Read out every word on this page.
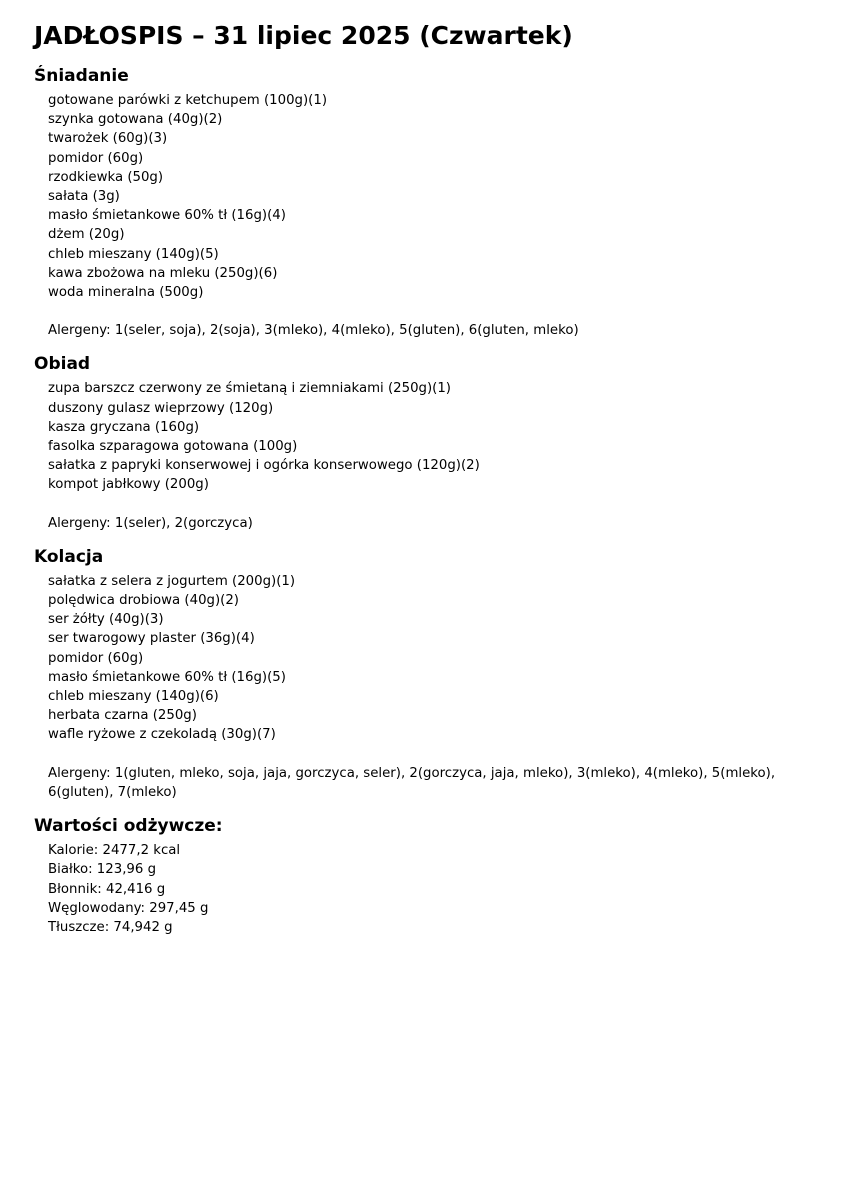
JADŁOSPIS – 31 lipiec 2025 (Czwartek)
Śniadanie
gotowane parówki z ketchupem (100g)(1)
szynka gotowana (40g)(2)
twarożek (60g)(3)
pomidor (60g)
rzodkiewka (50g)
sałata (3g)
masło śmietankowe 60% tł (16g)(4)
dżem (20g)
chleb mieszany (140g)(5)
kawa zbożowa na mleku (250g)(6)
woda mineralna (500g)
Alergeny: 1(seler, soja), 2(soja), 3(mleko), 4(mleko), 5(gluten), 6(gluten, mleko)
Obiad
zupa barszcz czerwony ze śmietaną i ziemniakami (250g)(1)
duszony gulasz wieprzowy (120g)
kasza gryczana (160g)
fasolka szparagowa gotowana (100g)
sałatka z papryki konserwowej i ogórka konserwowego (120g)(2)
kompot jabłkowy (200g)
Alergeny: 1(seler), 2(gorczyca)
Kolacja
sałatka z selera z jogurtem (200g)(1)
polędwica drobiowa (40g)(2)
ser żółty (40g)(3)
ser twarogowy plaster (36g)(4)
pomidor (60g)
masło śmietankowe 60% tł (16g)(5)
chleb mieszany (140g)(6)
herbata czarna (250g)
wafle ryżowe z czekoladą (30g)(7)
Alergeny: 1(gluten, mleko, soja, jaja, gorczyca, seler), 2(gorczyca, jaja, mleko), 3(mleko), 4(mleko), 5(mleko), 6(gluten), 7(mleko)
Wartości odżywcze:
Kalorie: 2477,2 kcal
Białko: 123,96 g
Błonnik: 42,416 g
Węglowodany: 297,45 g
Tłuszcze: 74,942 g
